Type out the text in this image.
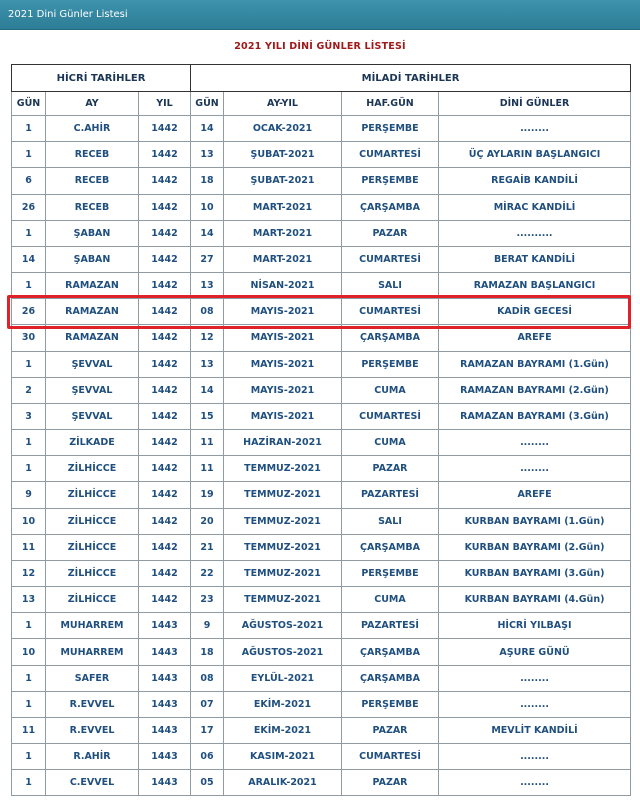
2021 Dini Günler Listesi
2021 YILI DİNİ GÜNLER LİSTESİ
HİCRİ TARİHLER			MİLADİ TARİHLER			
GÜN	AY	YIL	GÜN	AY-YIL	HAF.GÜN	DİNİ GÜNLER
1	C.AHİR	1442	14	OCAK-2021	PERŞEMBE	........
1	RECEB	1442	13	ŞUBAT-2021	CUMARTESİ	ÜÇ AYLARIN BAŞLANGICI
6	RECEB	1442	18	ŞUBAT-2021	PERŞEMBE	REGAİB KANDİLİ
26	RECEB	1442	10	MART-2021	ÇARŞAMBA	MİRAC KANDİLİ
1	ŞABAN	1442	14	MART-2021	PAZAR	..........
14	ŞABAN	1442	27	MART-2021	CUMARTESİ	BERAT KANDİLİ
1	RAMAZAN	1442	13	NİSAN-2021	SALI	RAMAZAN BAŞLANGICI
26	RAMAZAN	1442	08	MAYIS-2021	CUMARTESİ	KADİR GECESİ
30	RAMAZAN	1442	12	MAYIS-2021	ÇARŞAMBA	AREFE
1	ŞEVVAL	1442	13	MAYIS-2021	PERŞEMBE	RAMAZAN BAYRAMI (1.Gün)
2	ŞEVVAL	1442	14	MAYIS-2021	CUMA	RAMAZAN BAYRAMI (2.Gün)
3	ŞEVVAL	1442	15	MAYIS-2021	CUMARTESİ	RAMAZAN BAYRAMI (3.Gün)
1	ZİLKADE	1442	11	HAZİRAN-2021	CUMA	........
1	ZİLHİCCE	1442	11	TEMMUZ-2021	PAZAR	........
9	ZİLHİCCE	1442	19	TEMMUZ-2021	PAZARTESİ	AREFE
10	ZİLHİCCE	1442	20	TEMMUZ-2021	SALI	KURBAN BAYRAMI (1.Gün)
11	ZİLHİCCE	1442	21	TEMMUZ-2021	ÇARŞAMBA	KURBAN BAYRAMI (2.Gün)
12	ZİLHİCCE	1442	22	TEMMUZ-2021	PERŞEMBE	KURBAN BAYRAMI (3.Gün)
13	ZİLHİCCE	1442	23	TEMMUZ-2021	CUMA	KURBAN BAYRAMI (4.Gün)
1	MUHARREM	1443	9	AĞUSTOS-2021	PAZARTESİ	HİCRİ YILBAŞI
10	MUHARREM	1443	18	AĞUSTOS-2021	ÇARŞAMBA	AŞURE GÜNÜ
1	SAFER	1443	08	EYLÜL-2021	ÇARŞAMBA	........
1	R.EVVEL	1443	07	EKİM-2021	PERŞEMBE	........
11	R.EVVEL	1443	17	EKİM-2021	PAZAR	MEVLİT KANDİLİ
1	R.AHİR	1443	06	KASIM-2021	CUMARTESİ	........
1	C.EVVEL	1443	05	ARALIK-2021	PAZAR	........
